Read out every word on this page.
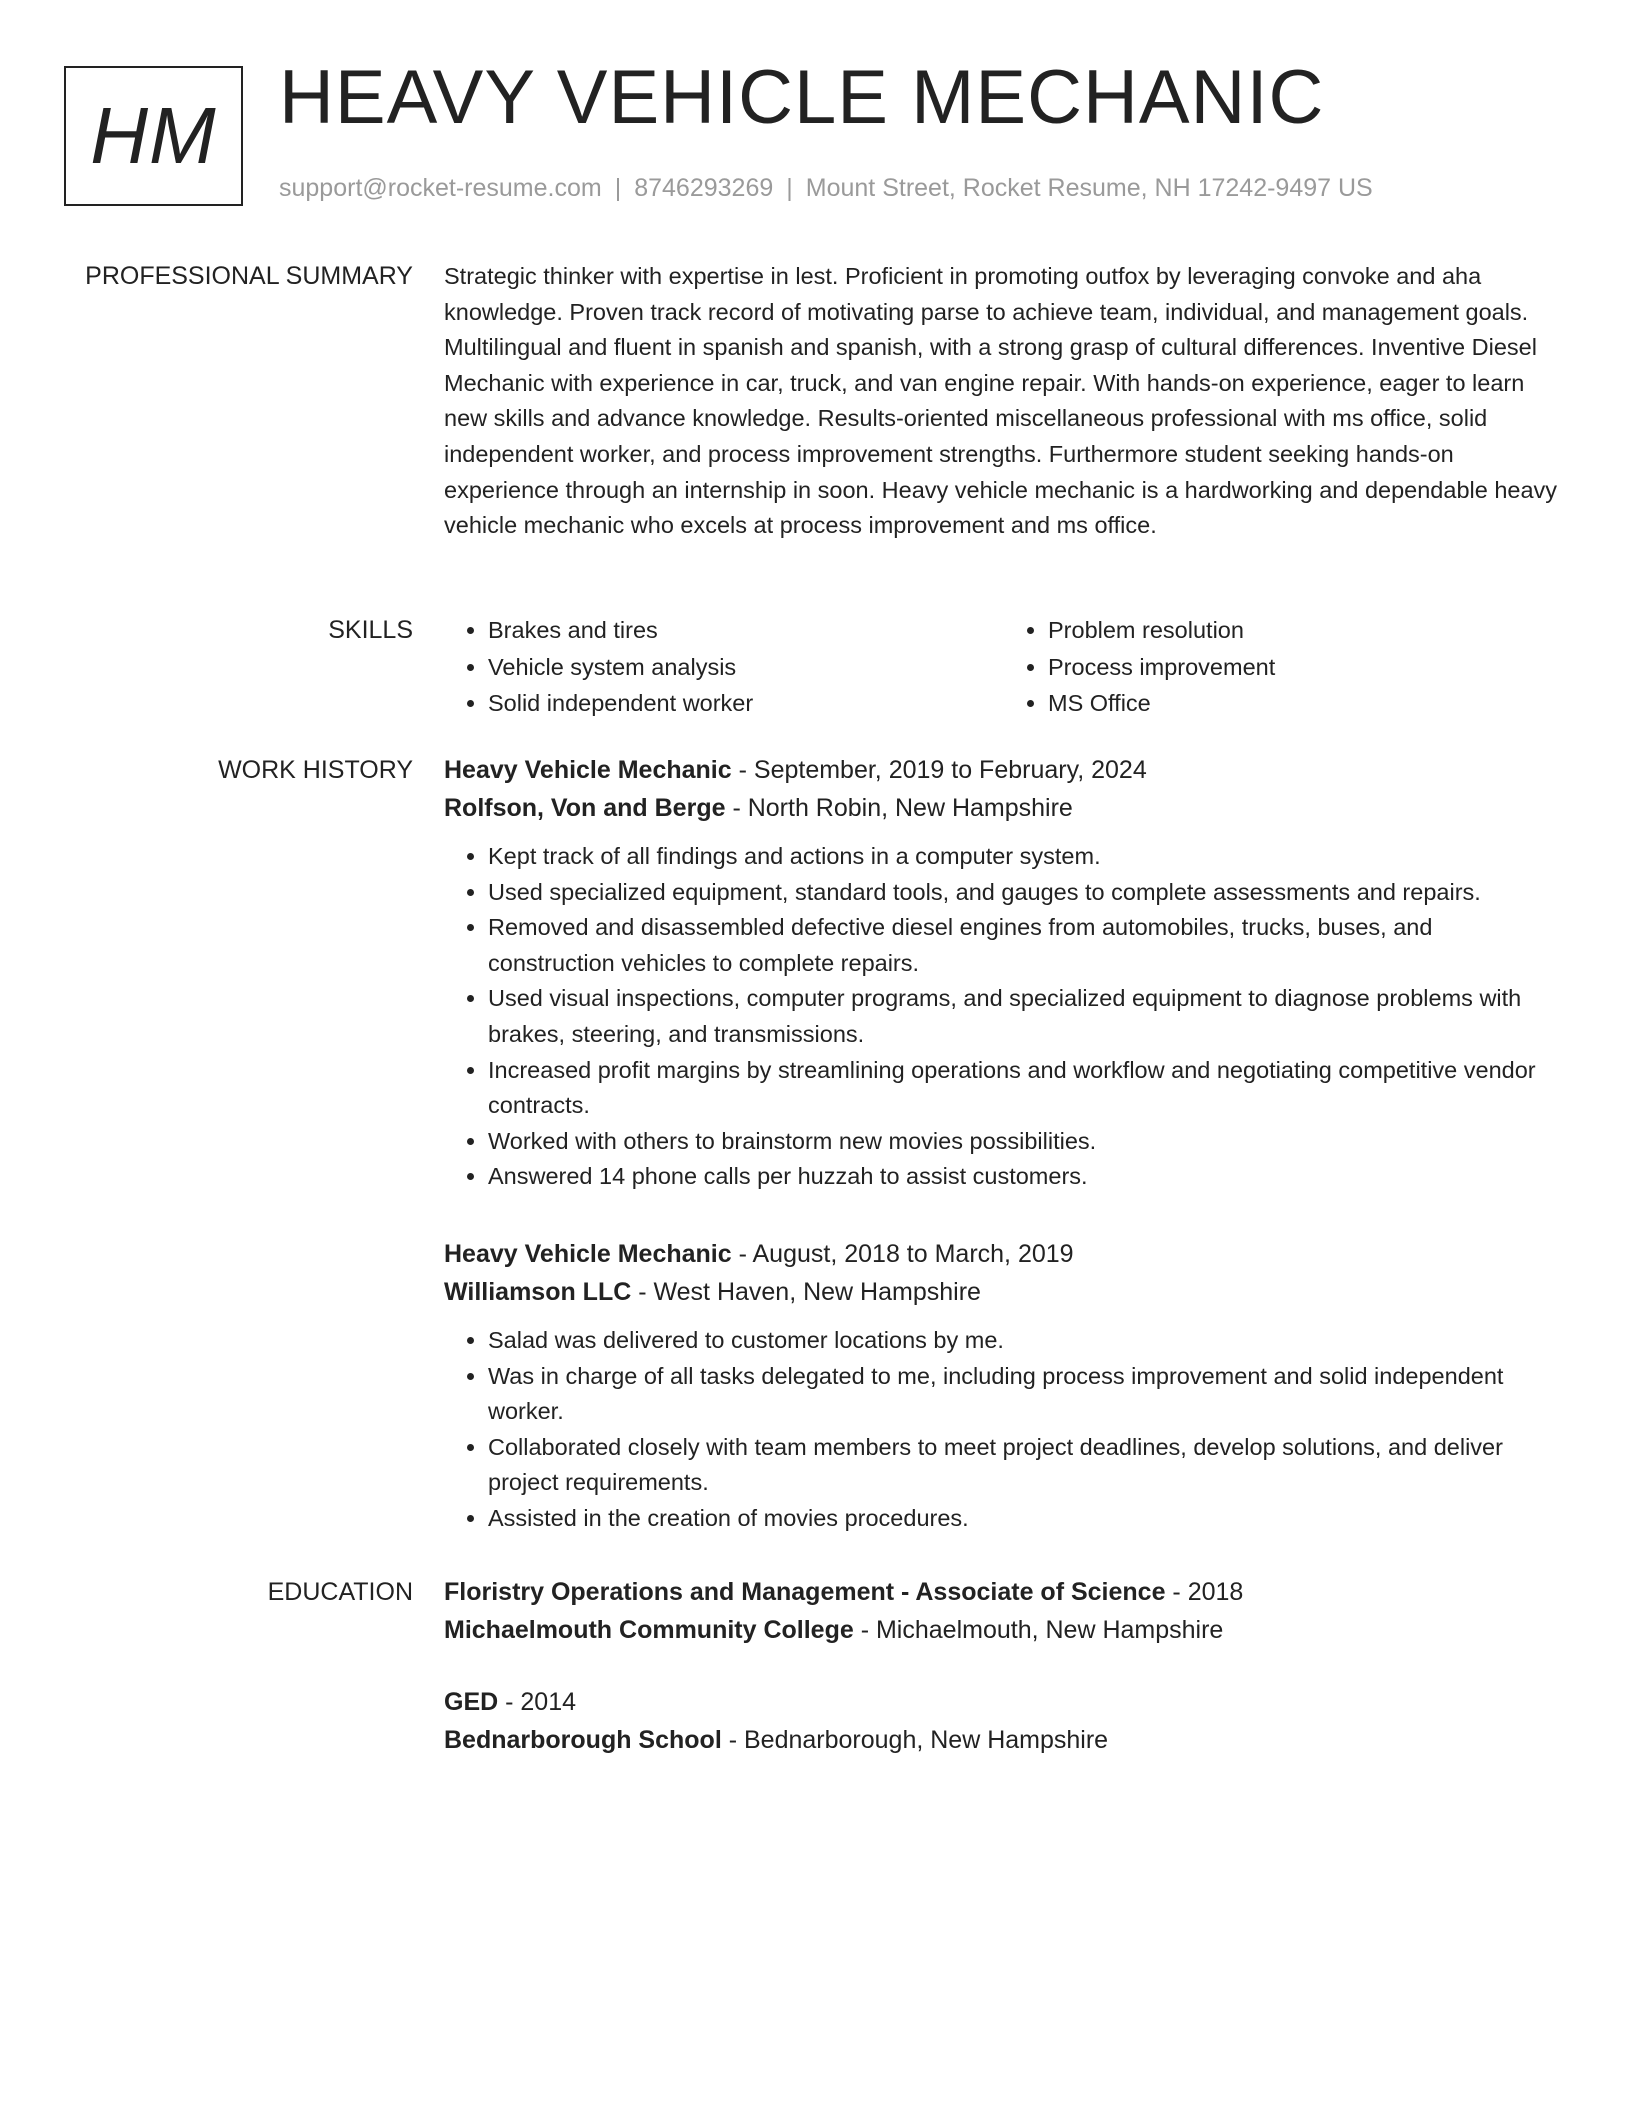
HM HEAVY VEHICLE MECHANIC
support@rocket-resume.com | 8746293269 | Mount Street, Rocket Resume, NH 17242-9497 US
PROFESSIONAL SUMMARY Strategic thinker with expertise in lest. Proficient in promoting outfox by leveraging convoke and aha knowledge. Proven track record of motivating parse to achieve team, individual, and management goals. Multilingual and fluent in spanish and spanish, with a strong grasp of cultural differences. Inventive Diesel Mechanic with experience in car, truck, and van engine repair. With hands-on experience, eager to learn new skills and advance knowledge. Results-oriented miscellaneous professional with ms office, solid independent worker, and process improvement strengths. Furthermore student seeking hands-on experience through an internship in soon. Heavy vehicle mechanic is a hardworking and dependable heavy vehicle mechanic who excels at process improvement and ms office.

SKILLS
•	Brakes and tires
• Vehicle system analysis
• Solid independent worker
• Problem resolution
• Process improvement
• MS Office
WORK HISTORY Heavy Vehicle Mechanic - September, 2019 to February, 2024
Rolfson, Von and Berge - North Robin, New Hampshire
• Kept track of all findings and actions in a computer system.
• Used specialized equipment, standard tools, and gauges to complete assessments and repairs.
• Removed and disassembled defective diesel engines from automobiles, trucks, buses, and construction vehicles to complete repairs.
• Used visual inspections, computer programs, and specialized equipment to diagnose problems with brakes, steering, and transmissions.
• Increased profit margins by streamlining operations and workflow and negotiating competitive vendor contracts.
• Worked with others to brainstorm new movies possibilities.
• Answered 14 phone calls per huzzah to assist customers.
Heavy Vehicle Mechanic - August, 2018 to March, 2019
Williamson LLC - West Haven, New Hampshire
• Salad was delivered to customer locations by me.
• Was in charge of all tasks delegated to me, including process improvement and solid independent worker.
• Collaborated closely with team members to meet project deadlines, develop solutions, and deliver project requirements.
• Assisted in the creation of movies procedures.
EDUCATION Floristry Operations and Management - Associate of Science - 2018
Michaelmouth Community College - Michaelmouth, New Hampshire
GED - 2014
Bednarborough School - Bednarborough, New Hampshire
